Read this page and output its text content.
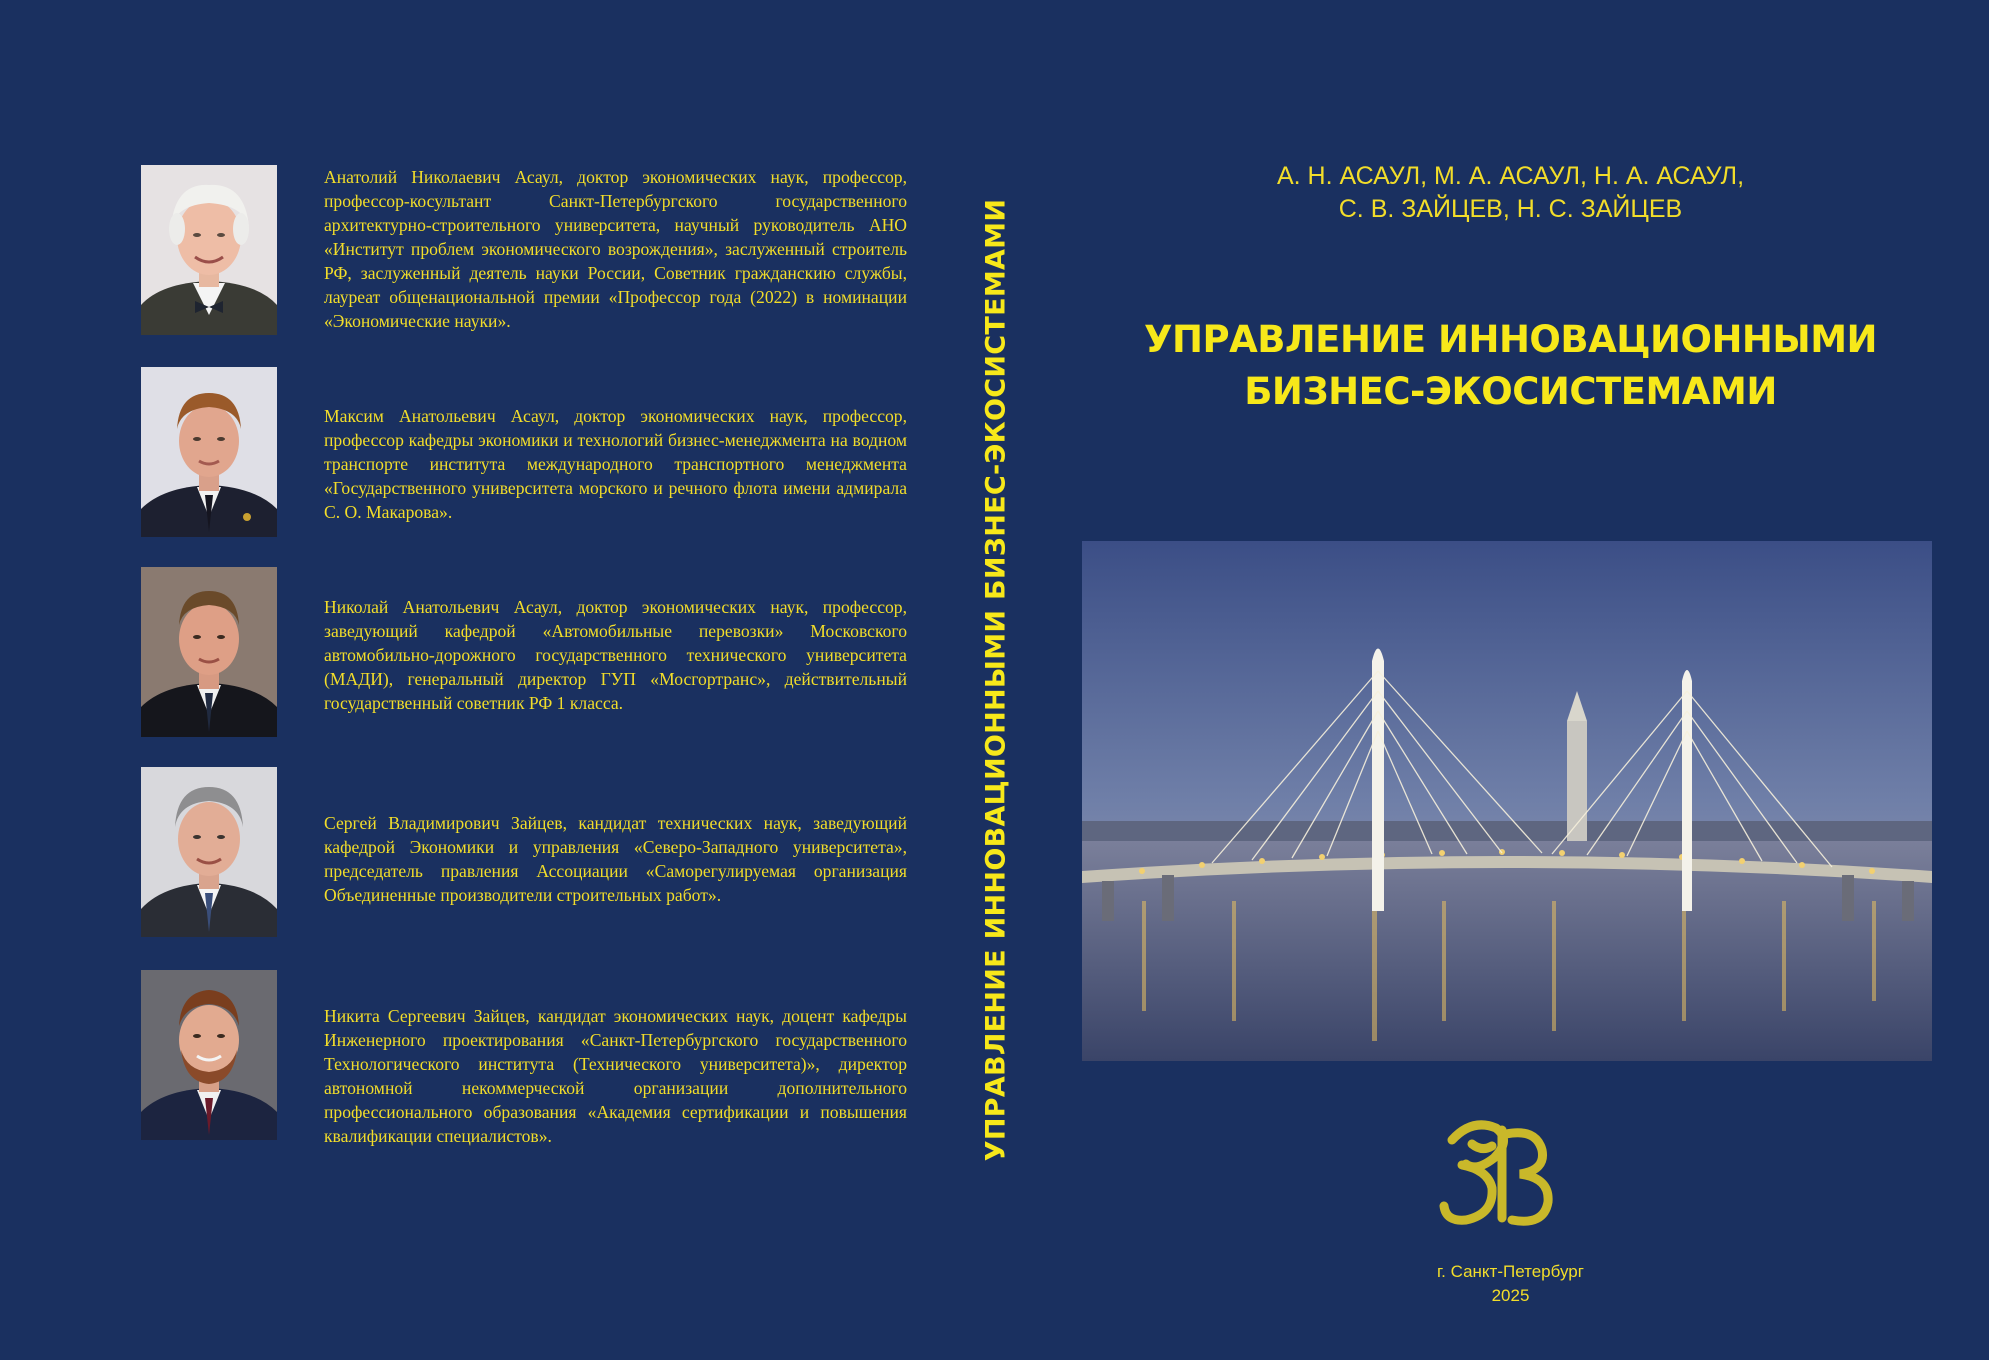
Анатолий Николаевич Асаул, доктор экономических наук, профессор, профессор-косультант Санкт-Петербургского государственного архитектурно-строительного университета, научный руководитель АНО «Институт проблем экономического возрождения», заслуженный строитель РФ, заслуженный деятель науки России, Советник гражданскию службы, лауреат общенациональной премии «Профессор года (2022) в номинации «Экономические науки».

Максим Анатольевич Асаул, доктор экономических наук, профессор, профессор кафедры экономики и технологий бизнес-менеджмента на водном транспорте института международного транспортного менеджмента «Государственного университета морского и речного флота имени адмирала С. О. Макарова».

Николай Анатольевич Асаул, доктор экономических наук, профессор, заведующий кафедрой «Автомобильные перевозки» Московского автомобильно-дорожного государственного технического университета (МАДИ), генеральный директор ГУП «Мосгортранс», действительный государственный советник РФ 1 класса.

Сергей Владимирович Зайцев, кандидат технических наук, заведующий кафедрой Экономики и управления «Северо-Западного университета», председатель правления Ассоциации «Саморегулируемая организация Объединенные производители строительных работ».

Никита Сергеевич Зайцев, кандидат экономических наук, доцент кафедры Инженерного проектирования «Санкт-Петербургского государственного Технологического института (Технического университета)», директор автономной некоммерческой организации дополнительного профессионального образования «Академия сертификации и повышения квалификации специалистов».	УПРАВЛЕНИЕ ИННОВАЦИОННЫМИ БИЗНЕС-ЭКОСИСТЕМАМИ
А. Н. АСАУЛ, М. А. АСАУЛ, Н. А. АСАУЛ,
С. В. ЗАЙЦЕВ, Н. С. ЗАЙЦЕВ
УПРАВЛЕНИЕ ИННОВАЦИОННЫМИ
БИЗНЕС-ЭКОСИСТЕМАМИ
г. Санкт-Петербург
2025
